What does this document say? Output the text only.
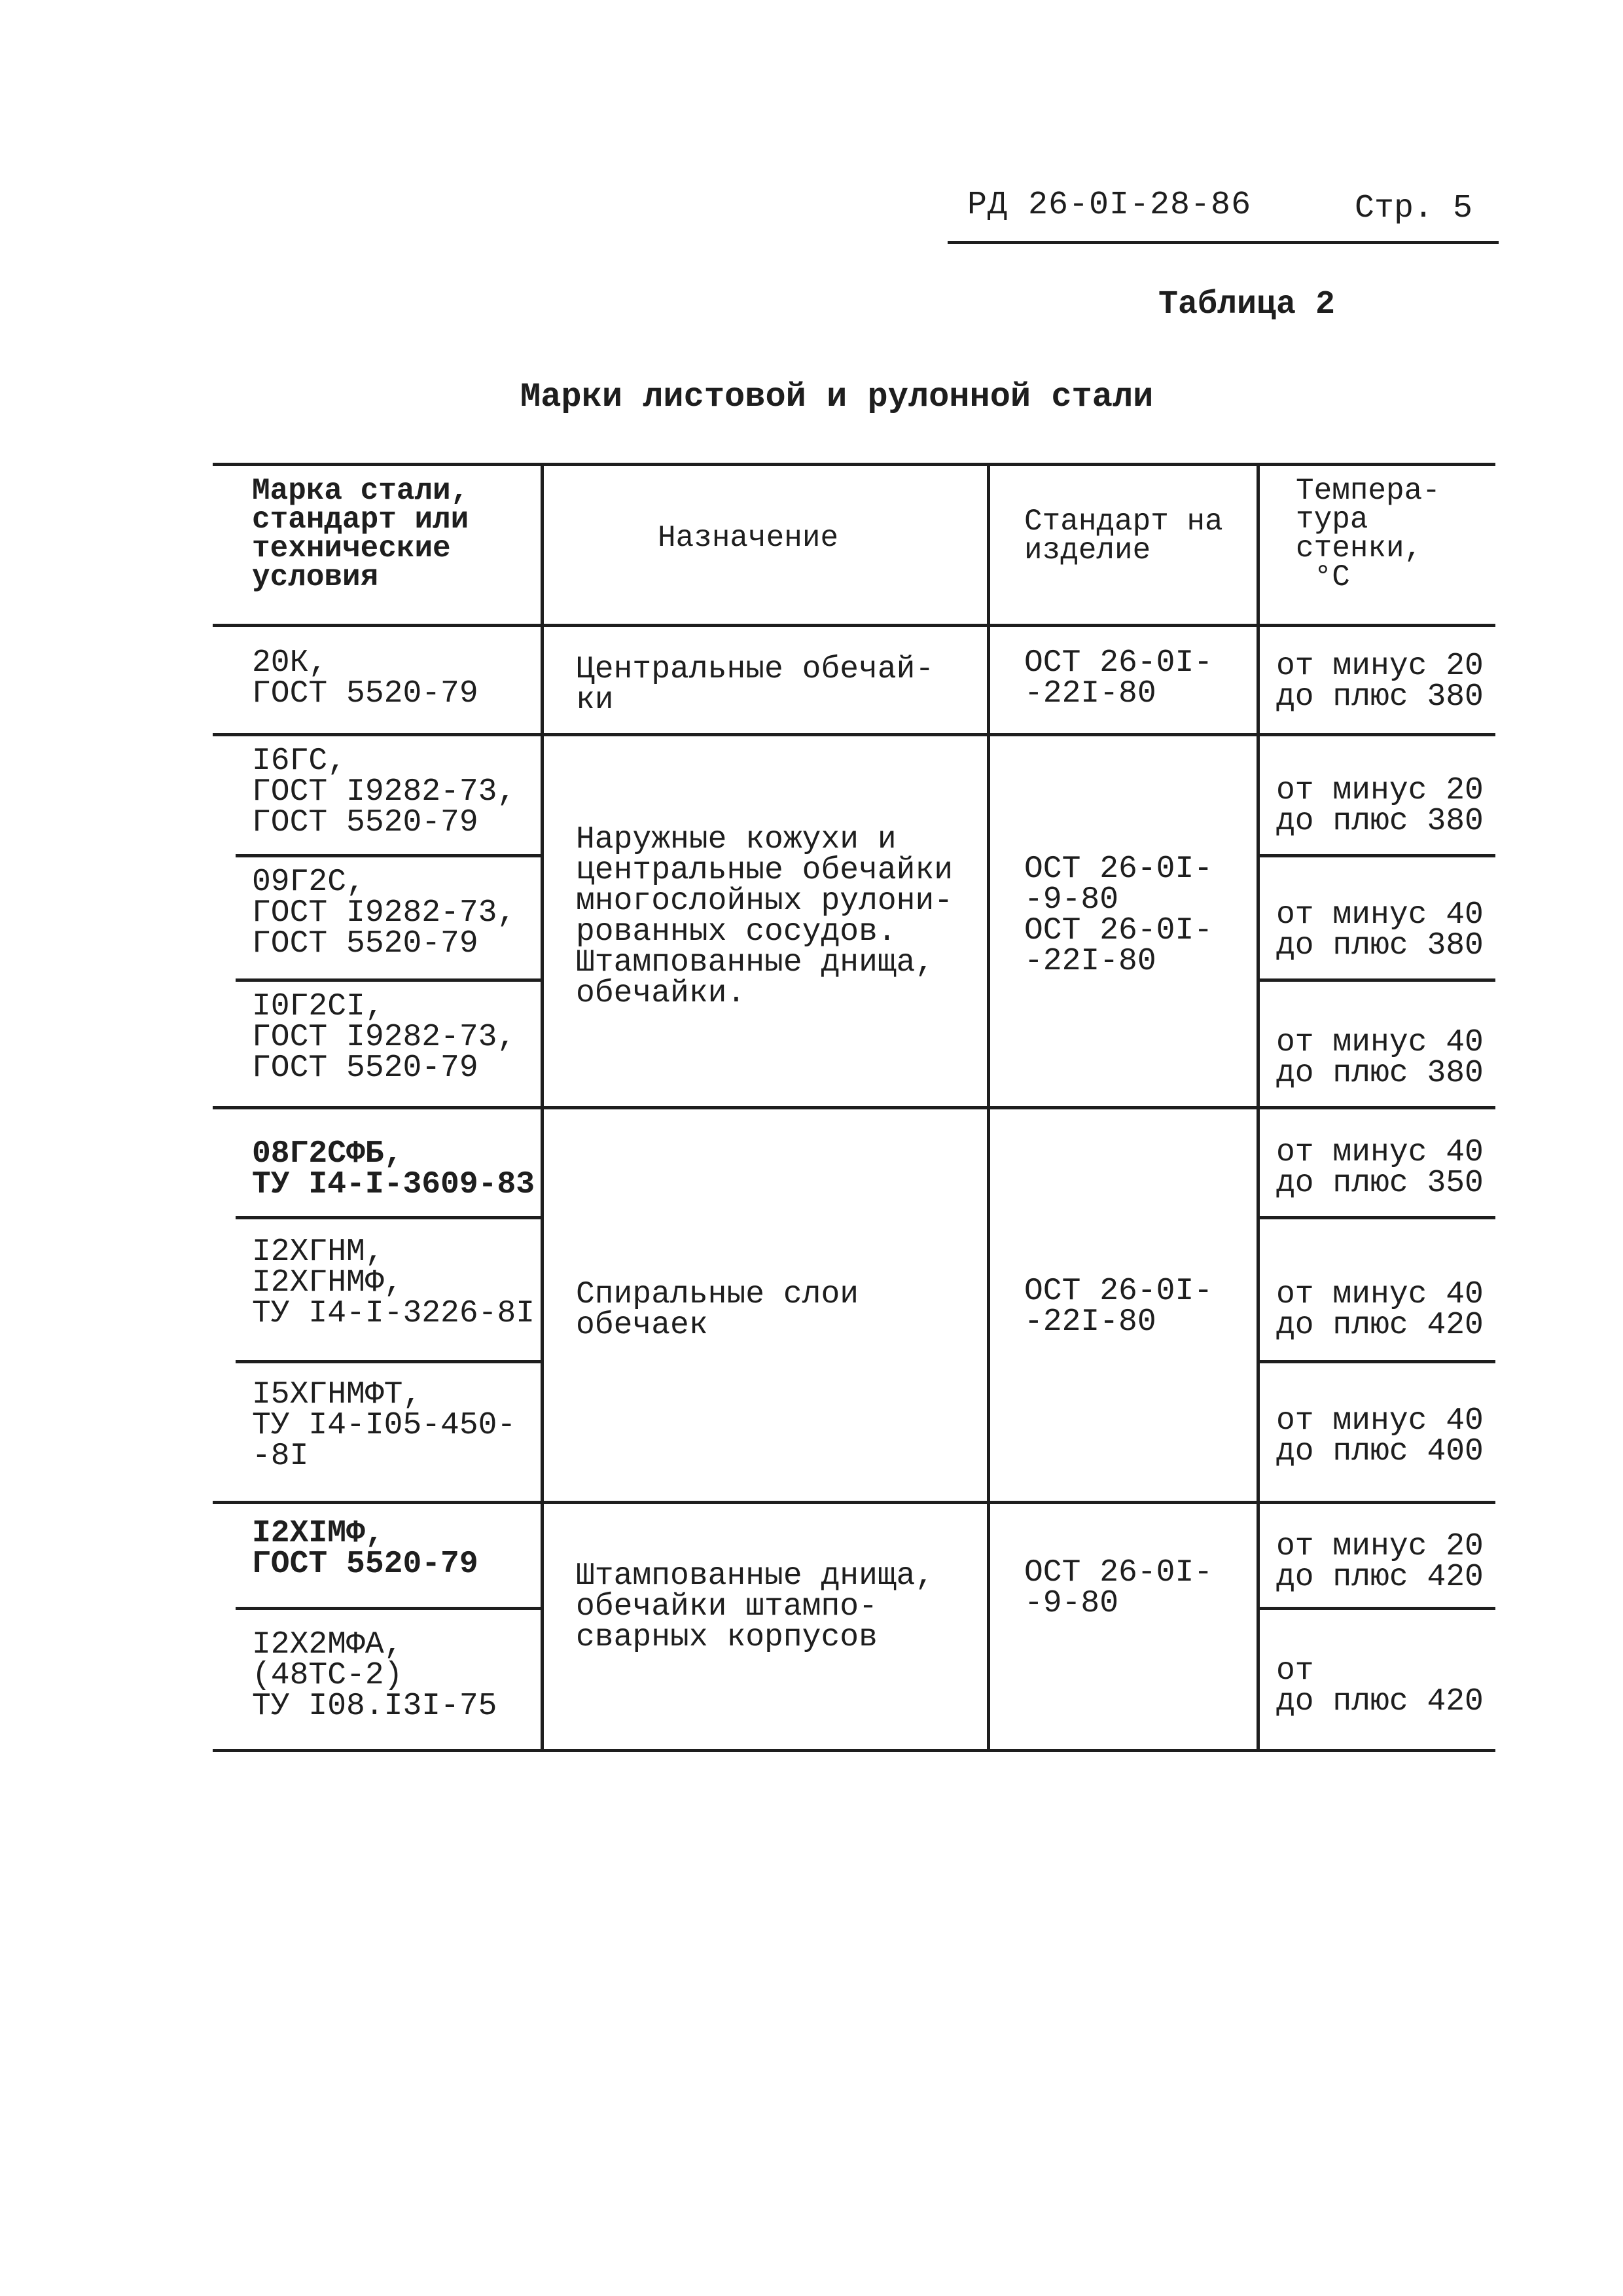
РД 26-0I-28-86	Стр. 5
Таблица 2
Марки листовой и рулонной стали
Марка стали,
стандарт или
технические
условия
Назначение	Стандарт на
изделие
Темпера-
тура
стенки,
°C
20К,
ГОСТ 5520-79
I6ГС,
ГОСТ I9282-73,
ГОСТ 5520-79
09Г2С,
ГОСТ I9282-73,
ГОСТ 5520-79
I0Г2СI,
ГОСТ I9282-73,
ГОСТ 5520-79
08Г2СФБ,
ТУ I4-I-3609-83
I2ХГНМ,
I2ХГНМФ,
ТУ I4-I-3226-8I
I5ХГНМФТ,
ТУ I4-I05-450-
-8I
I2ХIМФ,
ГОСТ 5520-79
I2Х2МФА,
(48ТС-2)
ТУ I08.I3I-75
Центральные обечай-
ки
Наружные кожухи и
центральные обечайки
многослойных рулони-
рованных сосудов.
Штампованные днища,
обечайки.
Спиральные слои
обечаек
Штампованные днища,
обечайки штампо-
сварных корпусов
ОСТ 26-0I-
-22I-80
ОСТ 26-0I-
-9-80
ОСТ 26-0I-
-22I-80
ОСТ 26-0I-
-22I-80
ОСТ 26-0I-
-9-80
от минус 20
до плюс 380
от минус 20
до плюс 380
от минус 40
до плюс 380
от минус 40
до плюс 380
от минус 40
до плюс 350
от минус 40
до плюс 420
от минус 40
до плюс 400
от минус 20
до плюс 420
от
до плюс 420
